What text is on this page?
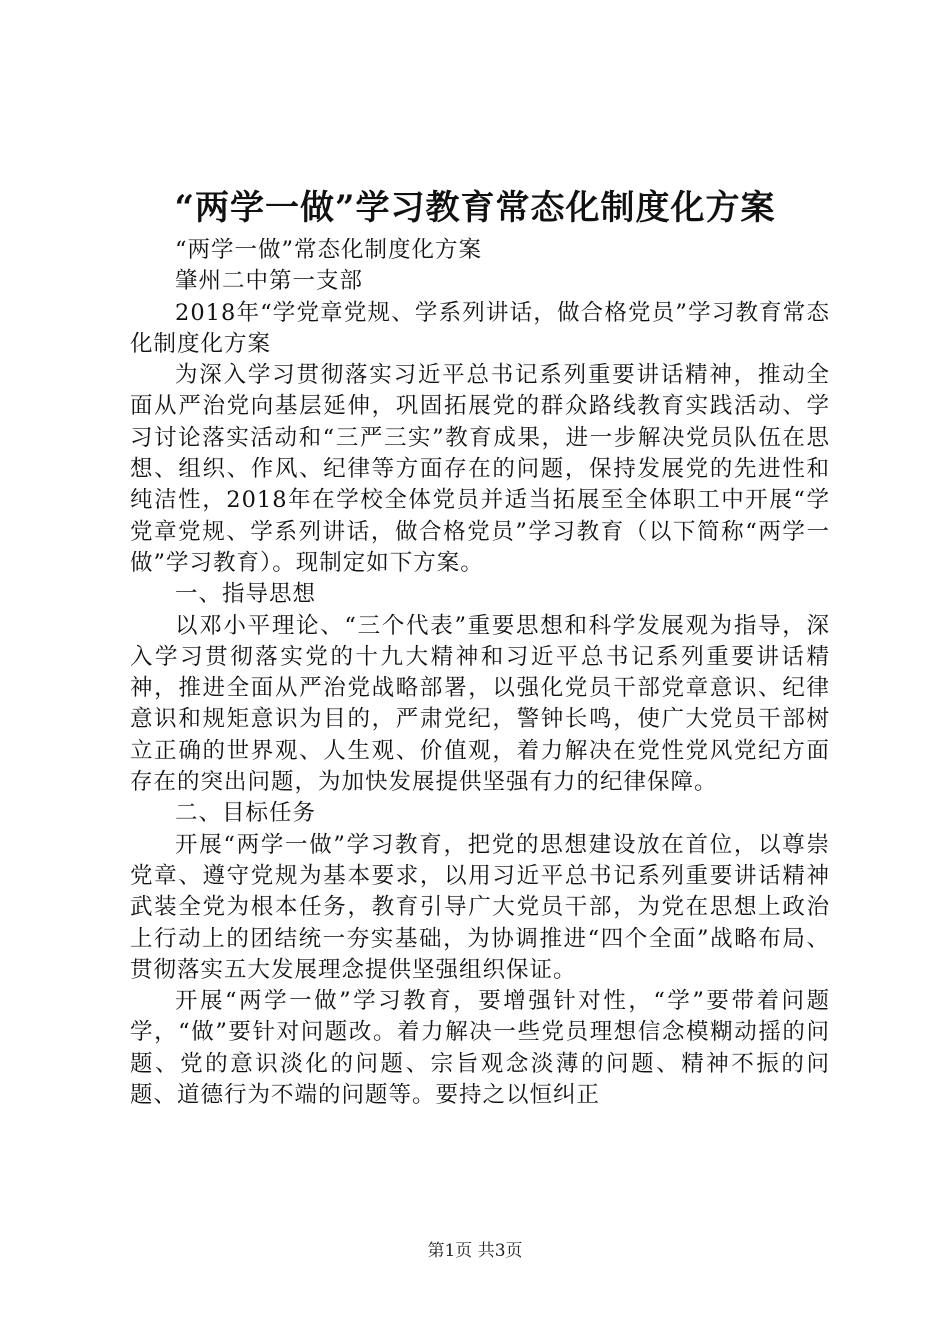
“两学一做”学习教育常态化制度化方案

“两学一做”常态化制度化方案

肇州二中第一支部

2018年“学党章党规、学系列讲话，做合格党员”学习教育常态化制度化方案

为深入学习贯彻落实习近平总书记系列重要讲话精神，推动全面从严治党向基层延伸，巩固拓展党的群众路线教育实践活动、学习讨论落实活动和“三严三实”教育成果，进一步解决党员队伍在思想、组织、作风、纪律等方面存在的问题，保持发展党的先进性和纯洁性，2018年在学校全体党员并适当拓展至全体职工中开展“学党章党规、学系列讲话，做合格党员”学习教育（以下简称“两学一做”学习教育）。现制定如下方案。

一、指导思想

以邓小平理论、“三个代表”重要思想和科学发展观为指导，深入学习贯彻落实党的十九大精神和习近平总书记系列重要讲话精神，推进全面从严治党战略部署，以强化党员干部党章意识、纪律意识和规矩意识为目的，严肃党纪，警钟长鸣，使广大党员干部树立正确的世界观、人生观、价值观，着力解决在党性党风党纪方面存在的突出问题，为加快发展提供坚强有力的纪律保障。

二、目标任务

开展“两学一做”学习教育，把党的思想建设放在首位，以尊崇党章、遵守党规为基本要求，以用习近平总书记系列重要讲话精神武装全党为根本任务，教育引导广大党员干部，为党在思想上政治上行动上的团结统一夯实基础，为协调推进“四个全面”战略布局、贯彻落实五大发展理念提供坚强组织保证。

开展“两学一做”学习教育，要增强针对性，“学”要带着问题学，“做”要针对问题改。着力解决一些党员理想信念模糊动摇的问题、党的意识淡化的问题、宗旨观念淡薄的问题、精神不振的问题、道德行为不端的问题等。要持之以恒纠正

第1页 共3页
